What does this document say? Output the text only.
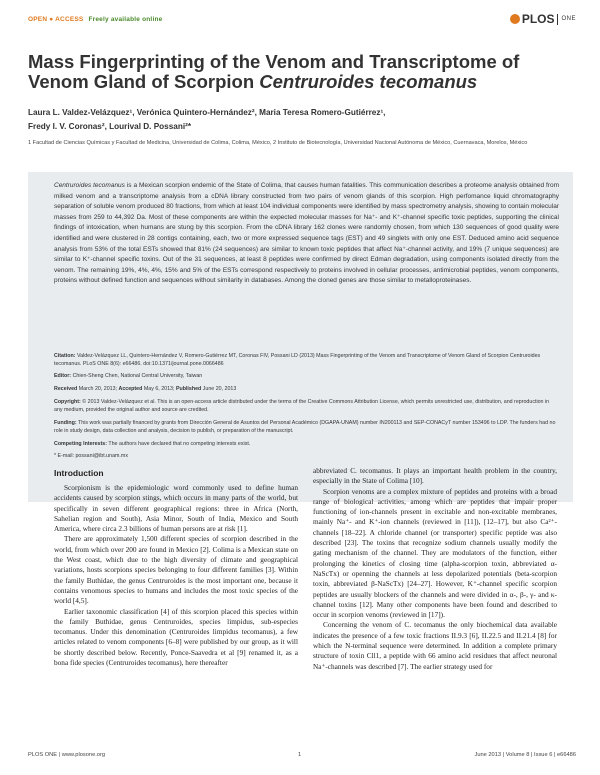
OPEN ● ACCESS Freely available online	PLOS ONE
Mass Fingerprinting of the Venom and Transcriptome of Venom Gland of Scorpion Centruroides tecomanus
Laura L. Valdez-Velázquez¹, Verónica Quintero-Hernández², Maria Teresa Romero-Gutiérrez¹,
Fredy I. V. Coronas², Lourival D. Possani²*
1 Facultad de Ciencias Químicas y Facultad de Medicina, Universidad de Colima, Colima, México, 2 Instituto de Biotecnología, Universidad Nacional Autónoma de México, Cuernavaca, Morelos, México
Centruroides tecomanus is a Mexican scorpion endemic of the State of Colima, that causes human fatalities. This communication describes a proteome analysis obtained from milked venom and a transcriptome analysis from a cDNA library constructed from two pairs of venom glands of this scorpion. High perfomance liquid chromatography separation of soluble venom produced 80 fractions, from which at least 104 individual components were identified by mass spectrometry analysis, showing to contain molecular masses from 259 to 44,392 Da. Most of these components are within the expected molecular masses for Na⁺- and K⁺-channel specific toxic peptides, supporting the clinical findings of intoxication, when humans are stung by this scorpion. From the cDNA library 162 clones were randomly chosen, from which 130 sequences of good quality were identified and were clustered in 28 contigs containing, each, two or more expressed sequence tags (EST) and 49 singlets with only one EST. Deduced amino acid sequence analysis from 53% of the total ESTs showed that 81% (24 sequences) are similar to known toxic peptides that affect Na⁺-channel activity, and 19% (7 unique sequences) are similar to K⁺-channel specific toxins. Out of the 31 sequences, at least 8 peptides were confirmed by direct Edman degradation, using components isolated directly from the venom. The remaining 19%, 4%, 4%, 15% and 5% of the ESTs correspond respectively to proteins involved in cellular processes, antimicrobial peptides, venom components, proteins without defined function and sequences without similarity in databases. Among the cloned genes are those similar to metalloproteinases.
Citation: Valdez-Velázquez LL, Quintero-Hernández V, Romero-Gutiérrez MT, Coronas FIV, Possani LD (2013) Mass Fingerprinting of the Venom and Transcriptome of Venom Gland of Scorpion Centruroides tecomanus. PLoS ONE 8(6): e66486. doi:10.1371/journal.pone.0066486
Editor: Chien-Sheng Chen, National Central University, Taiwan
Received March 20, 2013; Accepted May 6, 2013; Published June 20, 2013
Copyright: © 2013 Valdez-Velázquez et al. This is an open-access article distributed under the terms of the Creative Commons Attribution License, which permits unrestricted use, distribution, and reproduction in any medium, provided the original author and source are credited.
Funding: This work was partially financed by grants from Dirección General de Asuntos del Personal Académico (DGAPA-UNAM) number IN200113 and SEP-CONACyT number 153496 to LDP. The funders had no role in study design, data collection and analysis, decision to publish, or preparation of the manuscript.
Competing Interests: The authors have declared that no competing interests exist.
* E-mail: possani@ibt.unam.mx
Introduction

Scorpionism is the epidemiologic word commonly used to define human accidents caused by scorpion stings, which occurs in many parts of the world, but specifically in seven different geographical regions: three in Africa (North, Sahelian region and South), Asia Minor, South of India, Mexico and South America, where circa 2.3 billions of human persons are at risk [1].

There are approximately 1,500 different species of scorpion described in the world, from which over 200 are found in Mexico [2]. Colima is a Mexican state on the West coast, which due to the high diversity of climate and geographical variations, hosts scorpions species belonging to four different families [3]. Within the family Buthidae, the genus Centruroides is the most important one, because it contains venomous species to humans and includes the most toxic species of the world [4,5].

Earlier taxonomic classification [4] of this scorpion placed this species within the family Buthidae, genus Centruroides, species limpidus, sub-especies tecomanus. Under this denomination (Centruroides limpidus tecomanus), a few articles related to venom components [6–8] were published by our group, as it will be shortly described below. Recently, Ponce-Saavedra et al [9] renamed it, as a bona fide species (Centruroides tecomanus), here thereafter

abbreviated C. tecomanus. It plays an important health problem in the country, especially in the State of Colima [10].

Scorpion venoms are a complex mixture of peptides and proteins with a broad range of biological activities, among which are peptides that impair proper functioning of ion-channels present in excitable and non-excitable membranes, mainly Na⁺- and K⁺-ion channels (reviewed in [11]), [12–17], but also Ca²⁺-channels [18–22]. A chloride channel (or transporter) specific peptide was also described [23]. The toxins that recognize sodium channels usually modify the gating mechanism of the channel. They are modulators of the function, either prolonging the kinetics of closing time (alpha-scorpion toxin, abbreviated α-NaScTx) or openning the channels at less depolarized potentials (beta-scorpion toxin, abbreviated β-NaScTx) [24–27]. However, K⁺-channel specific scorpion peptides are usually blockers of the channels and were divided in α-, β-, γ- and κ-channel toxins [12]. Many other components have been found and described to occur in scorpion venoms (reviewed in [17]).

Concerning the venom of C. tecomanus the only biochemical data available indicates the presence of a few toxic fractions II.9.3 [6], II.22.5 and II.21.4 [8] for which the N-terminal sequence were determined. In addition a complete primary structure of toxin Cll1, a peptide with 66 amino acid residues that affect neuronal Na⁺-channels was described [7]. The earlier strategy used for

PLOS ONE | www.plosone.org	1	June 2013 | Volume 8 | Issue 6 | e66486
